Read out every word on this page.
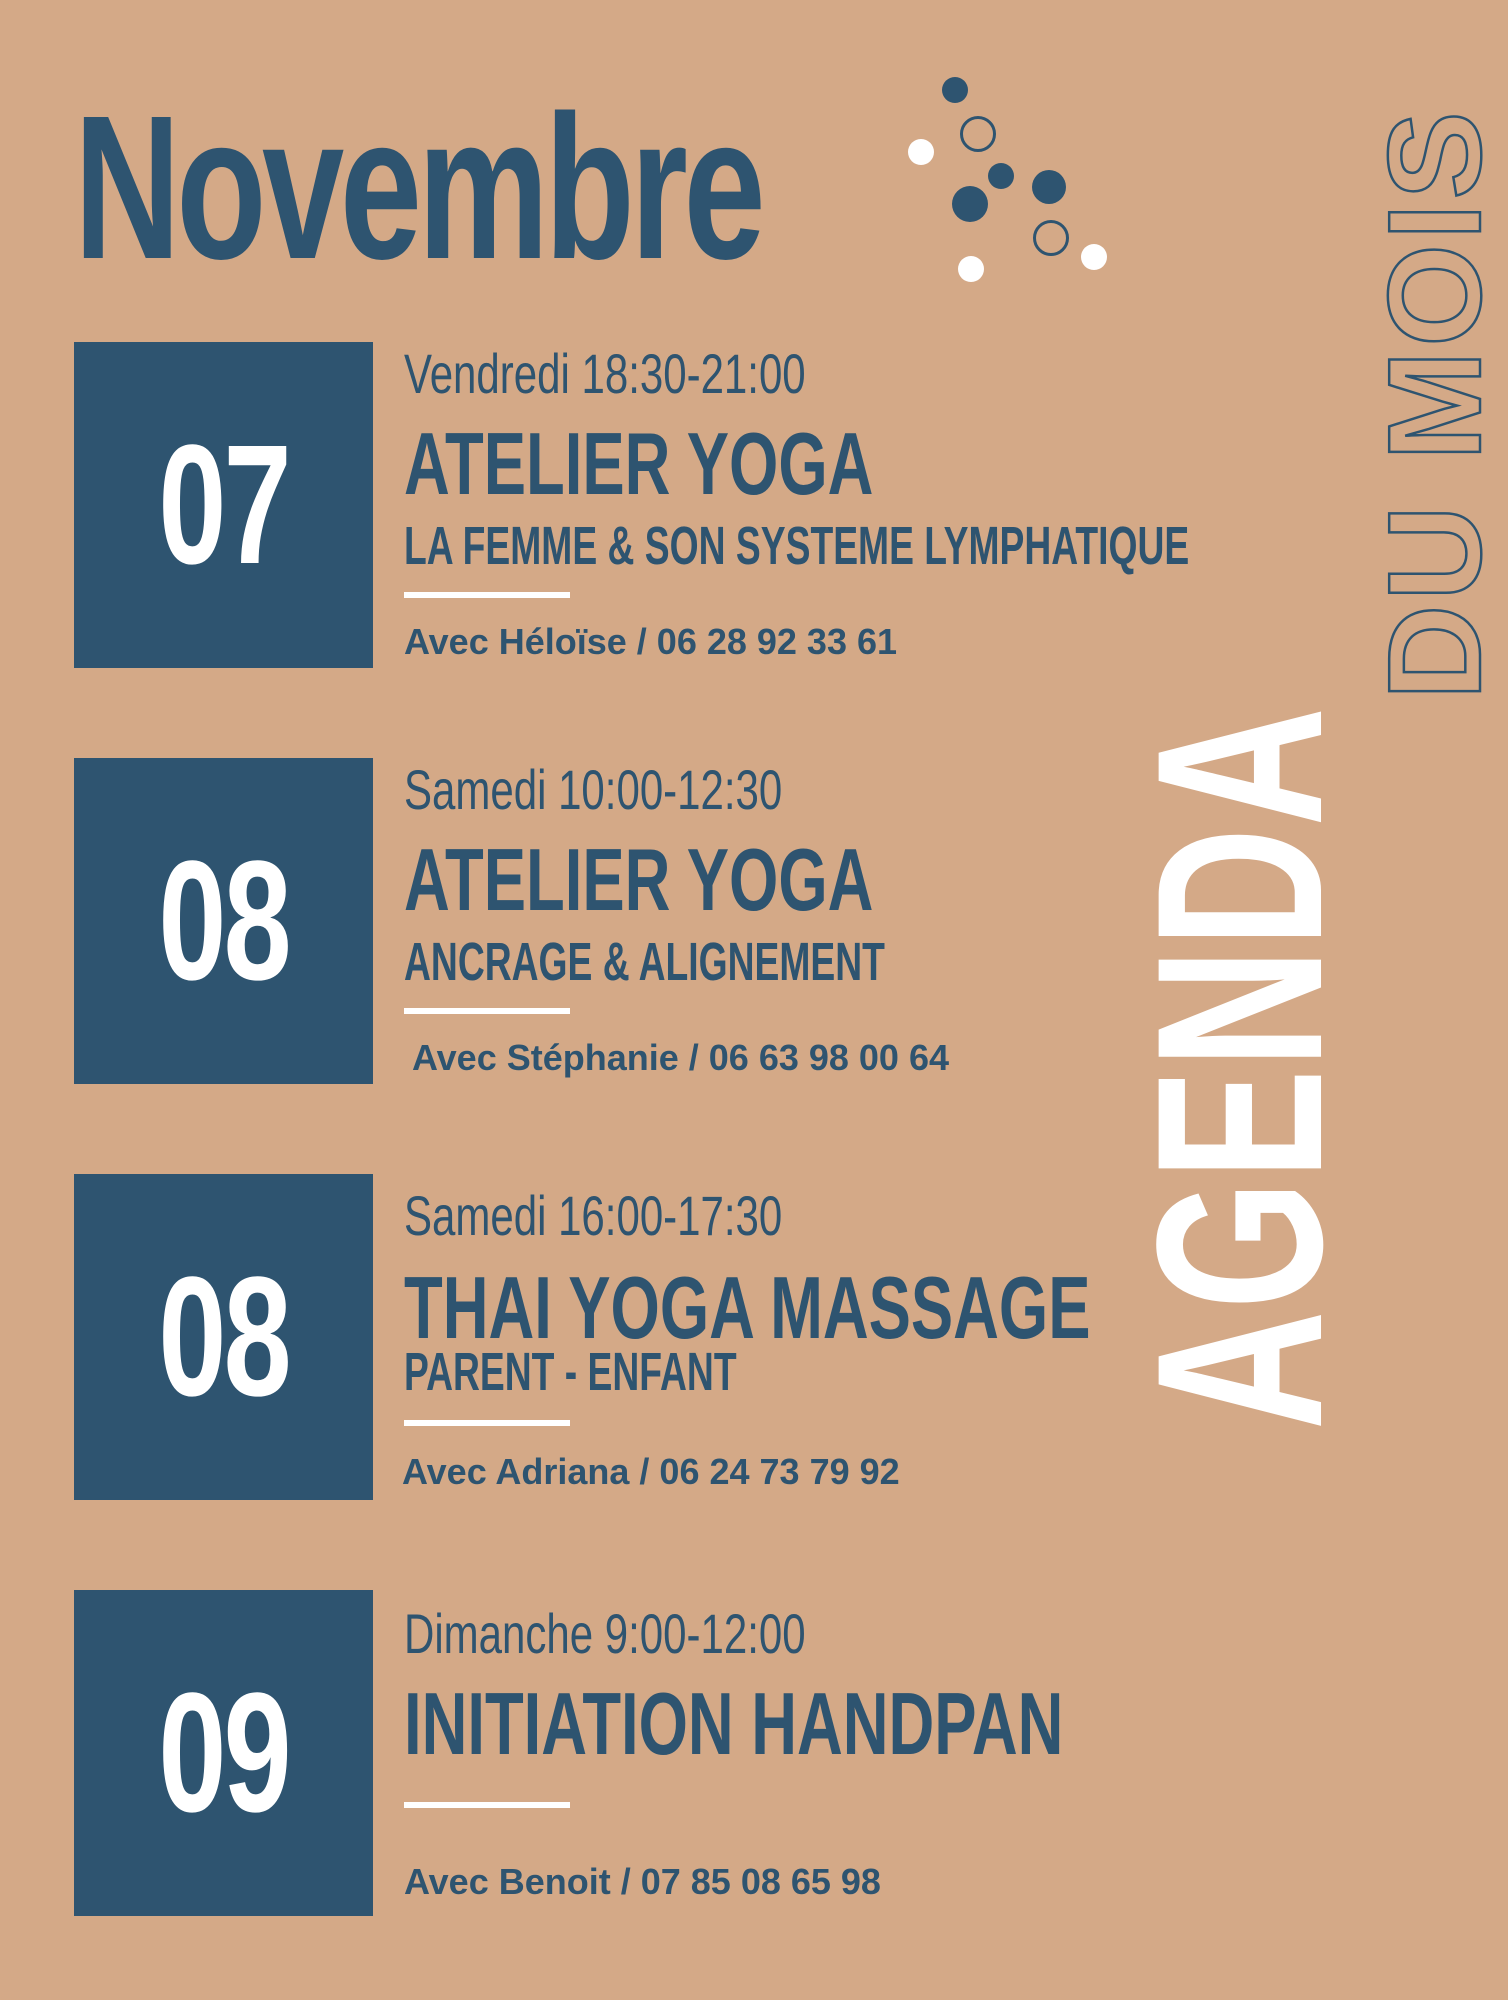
Novembre
07
Vendredi 18:30-21:00
ATELIER YOGA
LA FEMME & SON SYSTEME LYMPHATIQUE
Avec Héloïse / 06 28 92 33 61
08
Samedi 10:00-12:30
ATELIER YOGA
ANCRAGE & ALIGNEMENT
Avec Stéphanie / 06 63 98 00 64
08
Samedi 16:00-17:30
THAI YOGA MASSAGE
PARENT - ENFANT
Avec Adriana / 06 24 73 79 92
09
Dimanche 9:00-12:00
INITIATION HANDPAN
Avec Benoit / 07 85 08 65 98
AGENDA
DU MOIS
